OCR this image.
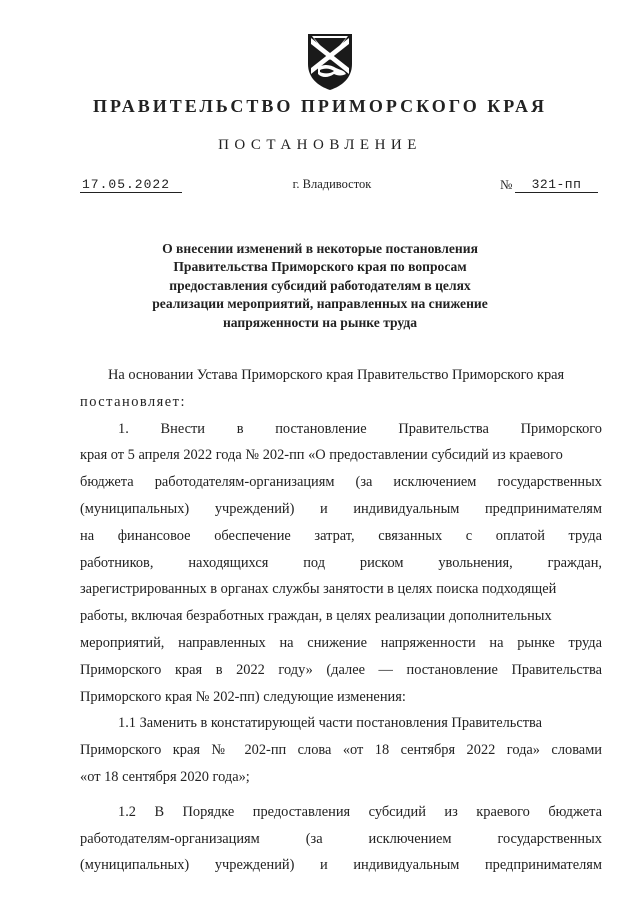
ПРАВИТЕЛЬСТВО ПРИМОРСКОГО КРАЯ
ПОСТАНОВЛЕНИЕ
17.05.2022	г. Владивосток	№	321-пп
О внесении изменений в некоторые постановления
Правительства Приморского края по вопросам
предоставления субсидий работодателям в целях
реализации мероприятий, направленных на снижение
напряженности на рынке труда
На основании Устава Приморского края Правительство Приморского края
постановляет:
1. Внести в постановление Правительства Приморского
края от 5 апреля 2022 года № 202-пп «О предоставлении субсидий из краевого
бюджета работодателям-организациям (за исключением государственных
(муниципальных) учреждений) и индивидуальным предпринимателям
на финансовое обеспечение затрат, связанных с оплатой труда
работников, находящихся под риском увольнения, граждан,
зарегистрированных в органах службы занятости в целях поиска подходящей
работы, включая безработных граждан, в целях реализации дополнительных
мероприятий, направленных на снижение напряженности на рынке труда
Приморского края в 2022 году» (далее — постановление Правительства
Приморского края № 202-пп) следующие изменения:
1.1 Заменить в констатирующей части постановления Правительства
Приморского края № 202-пп слова «от 18 сентября 2022 года» словами
«от 18 сентября 2020 года»;
1.2 В Порядке предоставления субсидий из краевого бюджета
работодателям-организациям (за исключением государственных
(муниципальных) учреждений) и индивидуальным предпринимателям
